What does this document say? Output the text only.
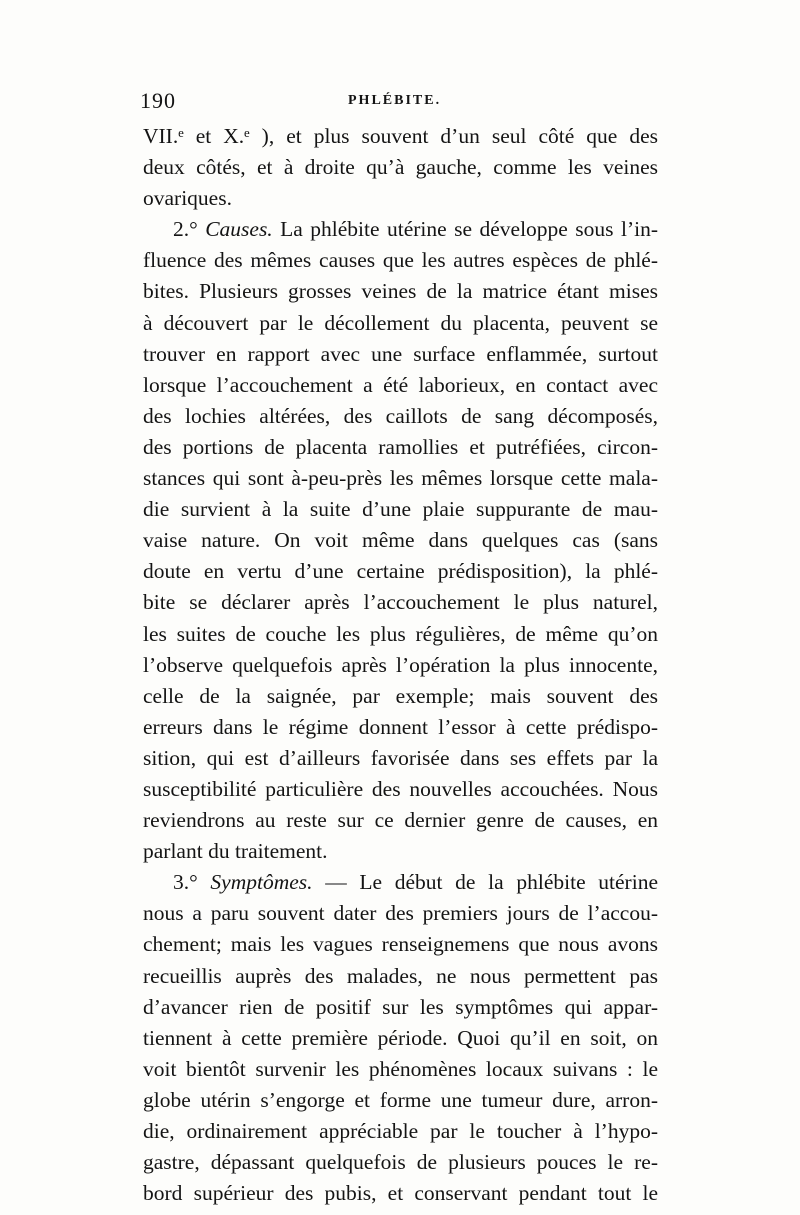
190	PHLÉBITE.
VII.ᵉ et X.ᵉ ), et plus souvent d’un seul côté que des
deux côtés, et à droite qu’à gauche, comme les veines
ovariques.
2.° Causes. La phlébite utérine se développe sous l’in-
fluence des mêmes causes que les autres espèces de phlé-
bites. Plusieurs grosses veines de la matrice étant mises
à découvert par le décollement du placenta, peuvent se
trouver en rapport avec une surface enflammée, surtout
lorsque l’accouchement a été laborieux, en contact avec
des lochies altérées, des caillots de sang décomposés,
des portions de placenta ramollies et putréfiées, circon-
stances qui sont à-peu-près les mêmes lorsque cette mala-
die survient à la suite d’une plaie suppurante de mau-
vaise nature. On voit même dans quelques cas (sans
doute en vertu d’une certaine prédisposition), la phlé-
bite se déclarer après l’accouchement le plus naturel,
les suites de couche les plus régulières, de même qu’on
l’observe quelquefois après l’opération la plus innocente,
celle de la saignée, par exemple; mais souvent des
erreurs dans le régime donnent l’essor à cette prédispo-
sition, qui est d’ailleurs favorisée dans ses effets par la
susceptibilité particulière des nouvelles accouchées. Nous
reviendrons au reste sur ce dernier genre de causes, en
parlant du traitement.
3.° Symptômes. — Le début de la phlébite utérine
nous a paru souvent dater des premiers jours de l’accou-
chement; mais les vagues renseignemens que nous avons
recueillis auprès des malades, ne nous permettent pas
d’avancer rien de positif sur les symptômes qui appar-
tiennent à cette première période. Quoi qu’il en soit, on
voit bientôt survenir les phénomènes locaux suivans : le
globe utérin s’engorge et forme une tumeur dure, arron-
die, ordinairement appréciable par le toucher à l’hypo-
gastre, dépassant quelquefois de plusieurs pouces le re-
bord supérieur des pubis, et conservant pendant tout le
